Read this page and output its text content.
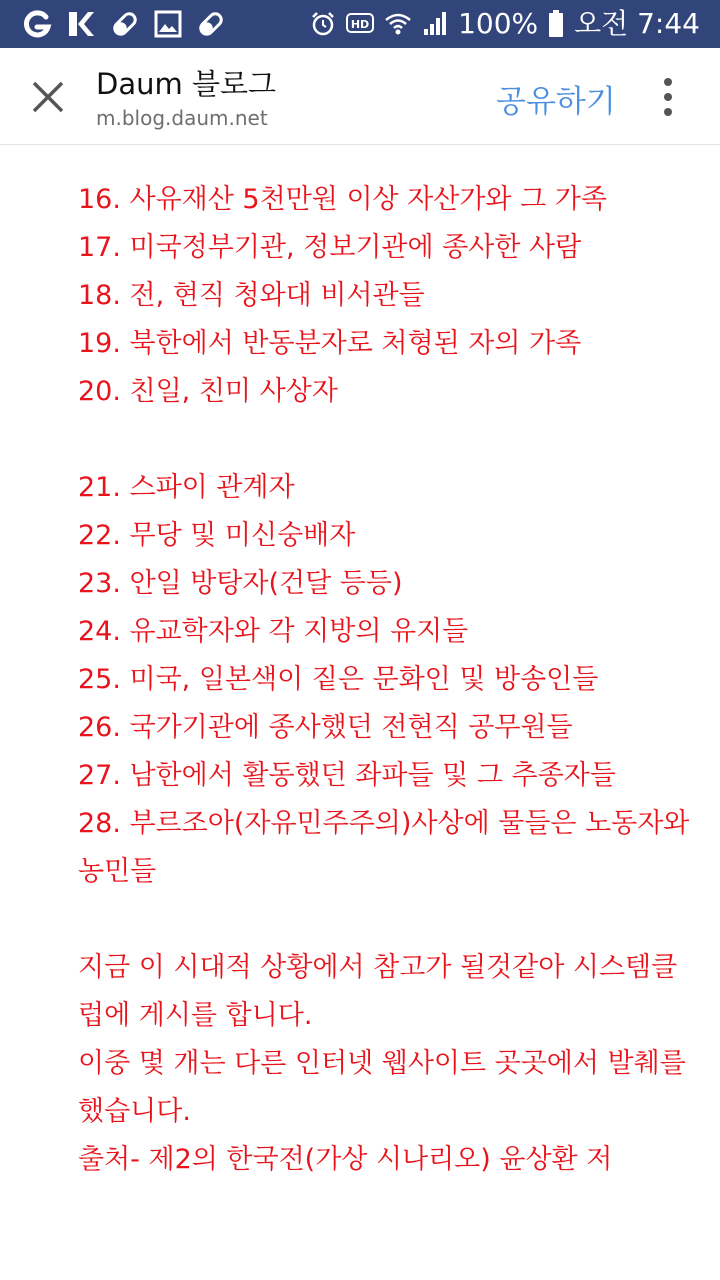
HD	100% 오전 7:44
Daum 블로그
m.blog.daum.net	공유하기
16. 사유재산 5천만원 이상 자산가와 그 가족
17. 미국정부기관, 정보기관에 종사한 사람
18. 전, 현직 청와대 비서관들
19. 북한에서 반동분자로 처형된 자의 가족
20. 친일, 친미 사상자
21. 스파이 관계자
22. 무당 및 미신숭배자
23. 안일 방탕자(건달 등등)
24. 유교학자와 각 지방의 유지들
25. 미국, 일본색이 짙은 문화인 및 방송인들
26. 국가기관에 종사했던 전현직 공무원들
27. 남한에서 활동했던 좌파들 및 그 추종자들
28. 부르조아(자유민주주의)사상에 물들은 노동자와
농민들
지금 이 시대적 상황에서 참고가 될것같아 시스템클
럽에 게시를 합니다.
이중 몇 개는 다른 인터넷 웹사이트 곳곳에서 발췌를
했습니다.
출처- 제2의 한국전(가상 시나리오) 윤상환 저
